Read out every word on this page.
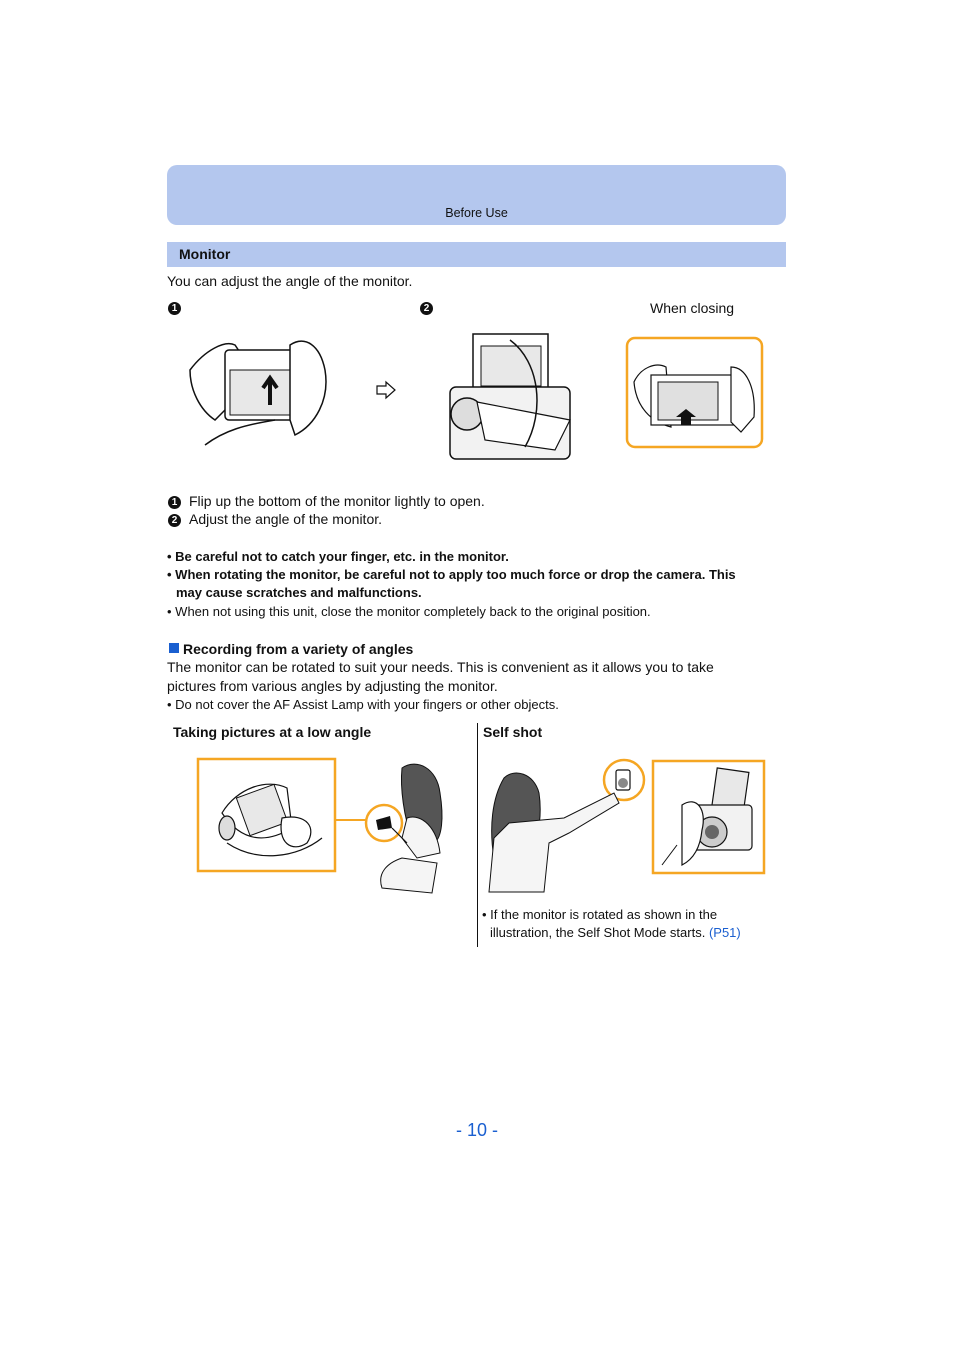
Before Use
Monitor
You can adjust the angle of the monitor.
1	2	When closing
1 Flip up the bottom of the monitor lightly to open.
2 Adjust the angle of the monitor.
• Be careful not to catch your finger, etc. in the monitor.
• When rotating the monitor, be careful not to apply too much force or drop the camera. This
may cause scratches and malfunctions.
• When not using this unit, close the monitor completely back to the original position.
Recording from a variety of angles
The monitor can be rotated to suit your needs. This is convenient as it allows you to take
pictures from various angles by adjusting the monitor.
• Do not cover the AF Assist Lamp with your fingers or other objects.
Taking pictures at a low angle	Self shot
• If the monitor is rotated as shown in the
illustration, the Self Shot Mode starts. (P51)
- 10 -
